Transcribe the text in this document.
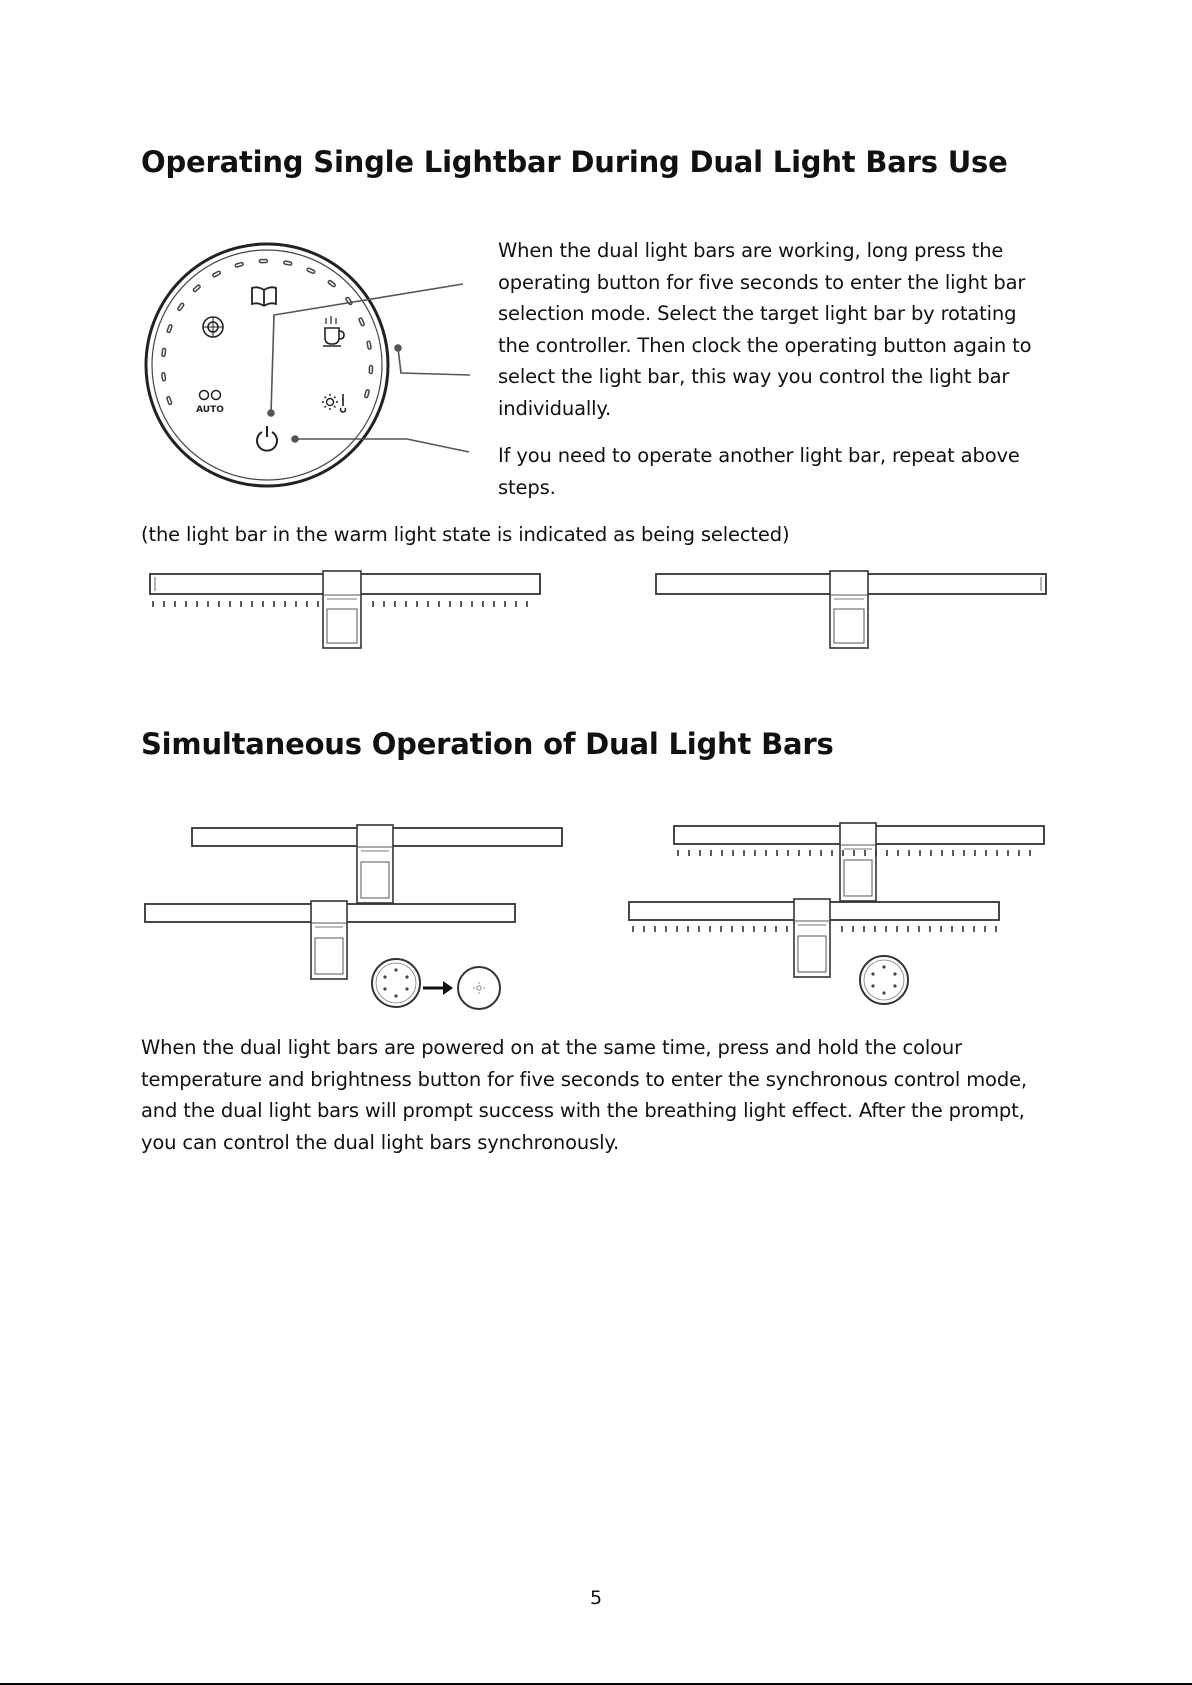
Operating Single Lightbar During Dual Light Bars Use
AUTO
When the dual light bars are working, long press the
operating button for five seconds to enter the light bar
selection mode. Select the target light bar by rotating
the controller. Then clock the operating button again to
select the light bar, this way you control the light bar
individually.
If you need to operate another light bar, repeat above
steps.
(the light bar in the warm light state is indicated as being selected)
Simultaneous Operation of Dual Light Bars
When the dual light bars are powered on at the same time, press and hold the colour
temperature and brightness button for five seconds to enter the synchronous control mode,
and the dual light bars will prompt success with the breathing light effect. After the prompt,
you can control the dual light bars synchronously.
5
